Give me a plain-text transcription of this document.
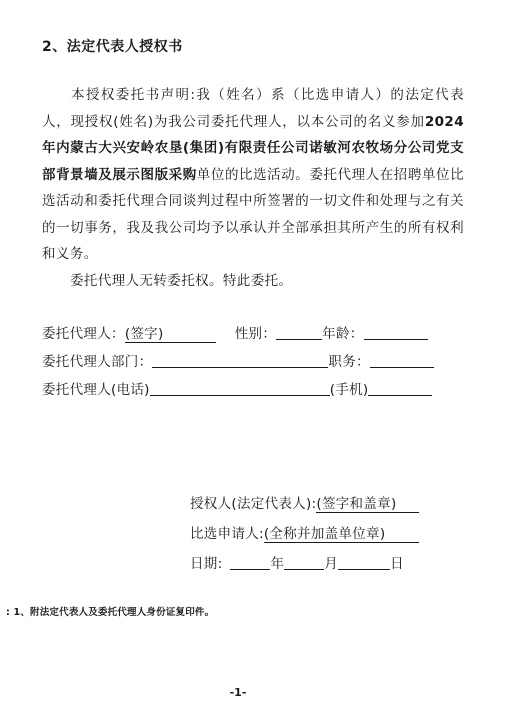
2、法定代表人授权书
本授权委托书声明:我（姓名）系（比选申请人）的法定代表人，现授权(姓名)为我公司委托代理人，以本公司的名义参加2024年内蒙古大兴安岭农垦(集团)有限责任公司诺敏河农牧场分公司党支部背景墙及展示图版采购单位的比选活动。委托代理人在招聘单位比选活动和委托代理合同谈判过程中所签署的一切文件和处理与之有关的一切事务，我及我公司均予以承认并全部承担其所产生的所有权利和义务。
委托代理人无转委托权。特此委托。
委托代理人：(签字)	性别：	年龄：
委托代理人部门：	职务：
委托代理人(电话)	(手机)
授权人(法定代表人):(签字和盖章)
比选申请人:(全称并加盖单位章)
日期:	年	月	日
: 1、附法定代表人及委托代理人身份证复印件。
-1-
